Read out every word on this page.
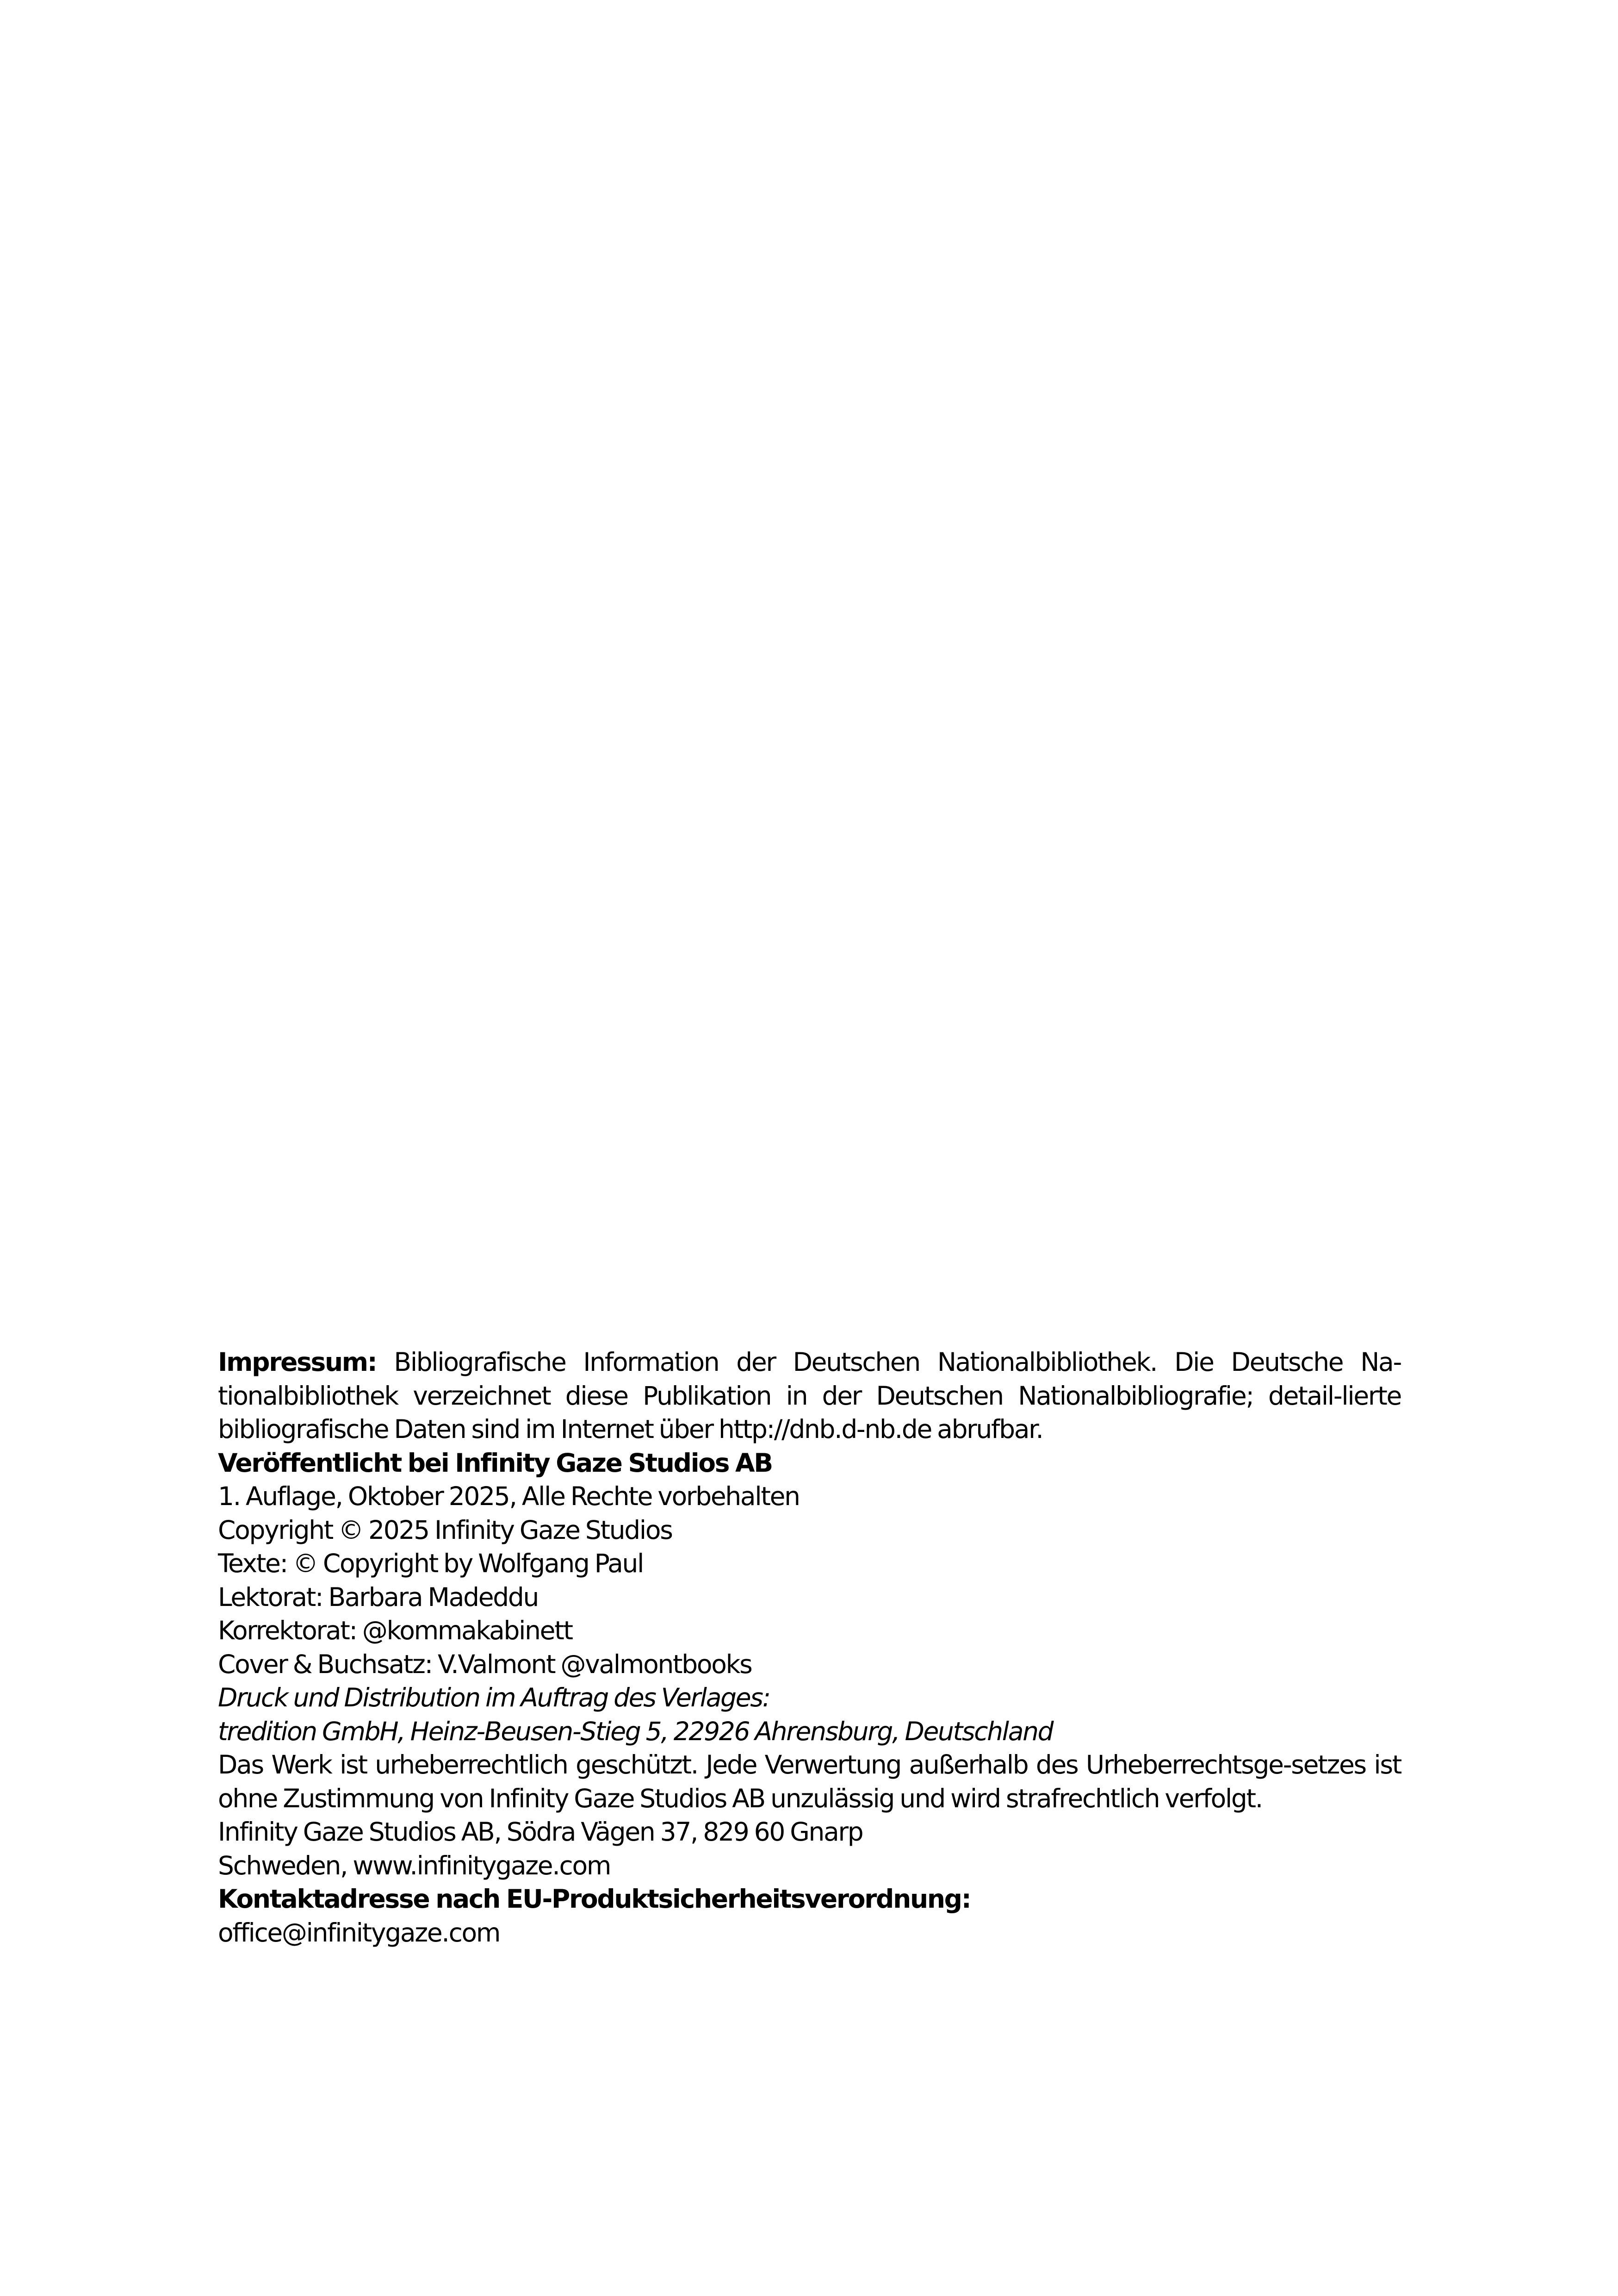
Impressum: Bibliografische Information der Deutschen Nationalbibliothek. Die Deutsche Na-tionalbibliothek verzeichnet diese Publikation in der Deutschen Nationalbibliografie; detail-lierte bibliografische Daten sind im Internet über http://dnb.d-nb.de abrufbar.

Veröffentlicht bei Infinity Gaze Studios AB

1. Auflage, Oktober 2025, Alle Rechte vorbehalten

Copyright © 2025 Infinity Gaze Studios

Texte: © Copyright by Wolfgang Paul

Lektorat: Barbara Madeddu

Korrektorat: @kommakabinett

Cover & Buchsatz: V.Valmont @valmontbooks

Druck und Distribution im Auftrag des Verlages:

tredition GmbH, Heinz-Beusen-Stieg 5, 22926 Ahrensburg, Deutschland

Das Werk ist urheberrechtlich geschützt. Jede Verwertung außerhalb des Urheberrechtsge-setzes ist ohne Zustimmung von Infinity Gaze Studios AB unzulässig und wird strafrechtlich verfolgt.

Infinity Gaze Studios AB, Södra Vägen 37, 829 60 Gnarp

Schweden, www.infinitygaze.com

Kontaktadresse nach EU-Produktsicherheitsverordnung:

office@infinitygaze.com
